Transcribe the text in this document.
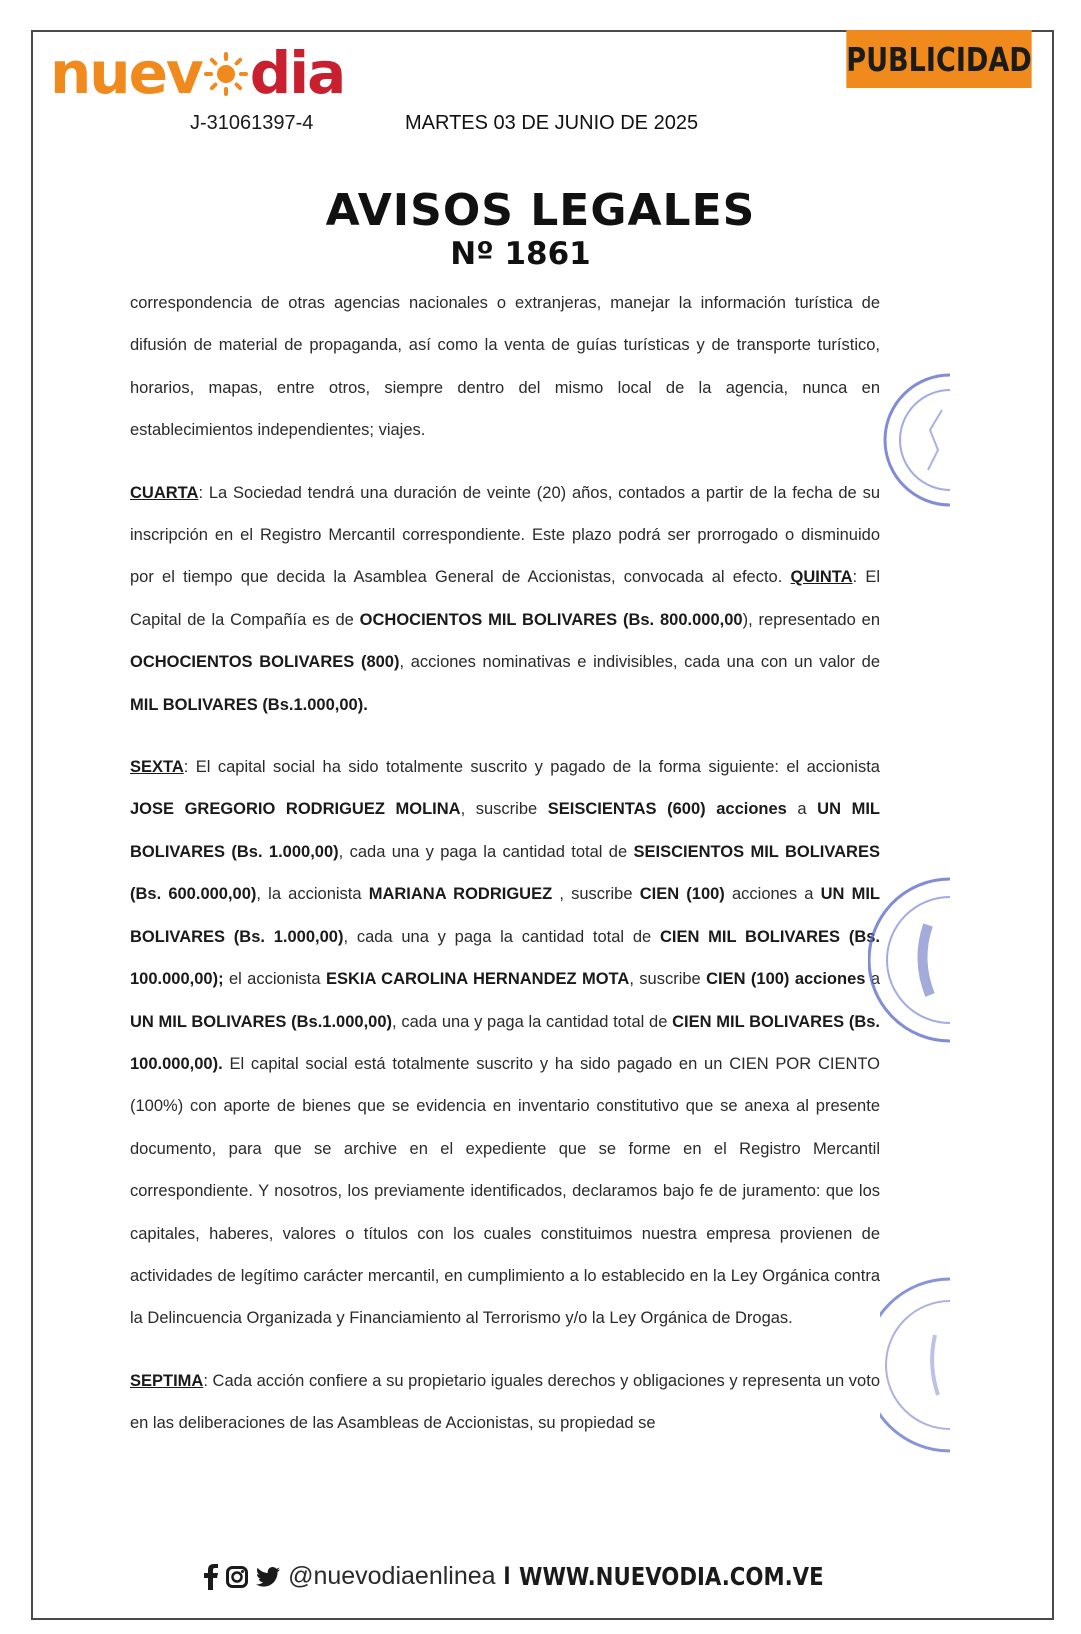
nuev dia
J-31061397-4	MARTES 03 DE JUNIO DE 2025
PUBLICIDAD
AVISOS LEGALES
Nº 1861

correspondencia de otras agencias nacionales o extranjeras, manejar la información turística de difusión de material de propaganda, así como la venta de guías turísticas y de transporte turístico, horarios, mapas, entre otros, siempre dentro del mismo local de la agencia, nunca en establecimientos independientes; viajes.

CUARTA: La Sociedad tendrá una duración de veinte (20) años, contados a partir de la fecha de su inscripción en el Registro Mercantil correspondiente. Este plazo podrá ser prorrogado o disminuido por el tiempo que decida la Asamblea General de Accionistas, convocada al efecto. QUINTA: El Capital de la Compañía es de OCHOCIENTOS MIL BOLIVARES (Bs. 800.000,00), representado en OCHOCIENTOS BOLIVARES (800), acciones nominativas e indivisibles, cada una con un valor de MIL BOLIVARES (Bs.1.000,00).

SEXTA: El capital social ha sido totalmente suscrito y pagado de la forma siguiente: el accionista JOSE GREGORIO RODRIGUEZ MOLINA, suscribe SEISCIENTAS (600) acciones a UN MIL BOLIVARES (Bs. 1.000,00), cada una y paga la cantidad total de SEISCIENTOS MIL BOLIVARES (Bs. 600.000,00), la accionista MARIANA RODRIGUEZ , suscribe CIEN (100) acciones a UN MIL BOLIVARES (Bs. 1.000,00), cada una y paga la cantidad total de CIEN MIL BOLIVARES (Bs. 100.000,00); el accionista ESKIA CAROLINA HERNANDEZ MOTA, suscribe CIEN (100) acciones a UN MIL BOLIVARES (Bs.1.000,00), cada una y paga la cantidad total de CIEN MIL BOLIVARES (Bs. 100.000,00). El capital social está totalmente suscrito y ha sido pagado en un CIEN POR CIENTO (100%) con aporte de bienes que se evidencia en inventario constitutivo que se anexa al presente documento, para que se archive en el expediente que se forme en el Registro Mercantil correspondiente. Y nosotros, los previamente identificados, declaramos bajo fe de juramento: que los capitales, haberes, valores o títulos con los cuales constituimos nuestra empresa provienen de actividades de legítimo carácter mercantil, en cumplimiento a lo establecido en la Ley Orgánica contra la Delincuencia Organizada y Financiamiento al Terrorismo y/o la Ley Orgánica de Drogas.

SEPTIMA: Cada acción confiere a su propietario iguales derechos y obligaciones y representa un voto en las deliberaciones de las Asambleas de Accionistas, su propiedad se

@nuevodiaenlinea I WWW.NUEVODIA.COM.VE
